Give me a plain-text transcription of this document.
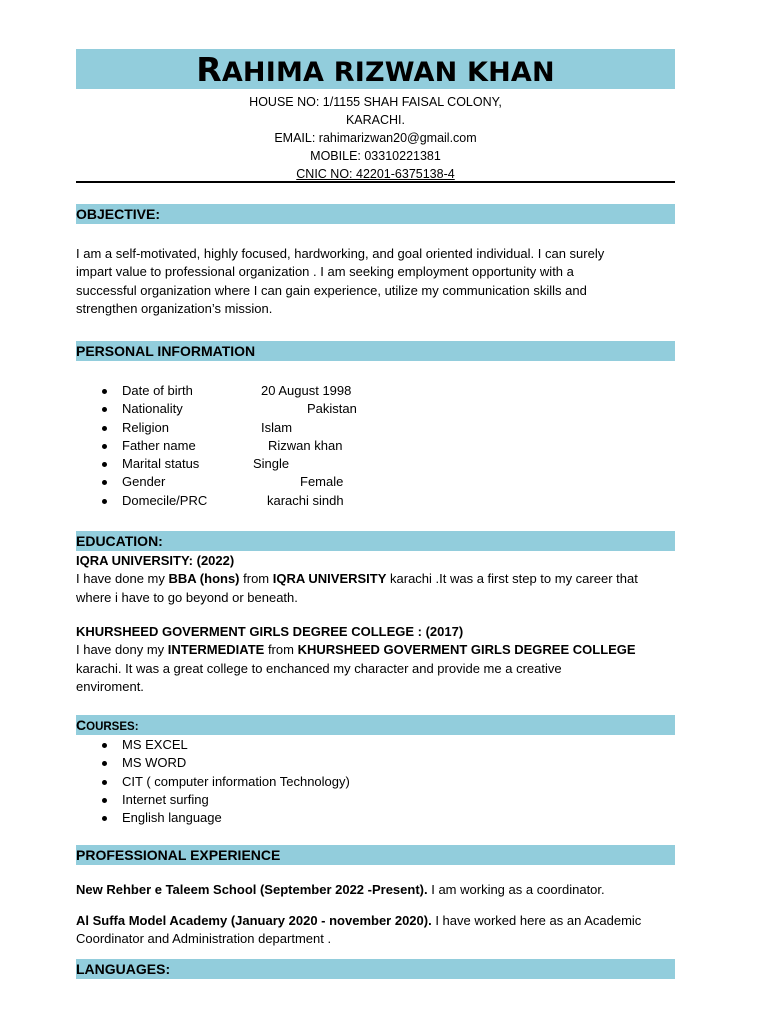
RAHIMA RIZWAN KHAN
HOUSE NO: 1/1155 SHAH FAISAL COLONY,
KARACHI.
EMAIL: rahimarizwan20@gmail.com
MOBILE: 03310221381
CNIC NO: 42201-6375138-4
OBJECTIVE:
I am a self-motivated, highly focused, hardworking, and goal oriented individual. I can surely
impart value to professional organization . I am seeking employment opportunity with a
successful organization where I can gain experience, utilize my communication skills and
strengthen organization’s mission.
PERSONAL INFORMATION
Date of birth	20 August 1998
Nationality	Pakistan
Religion	Islam
Father name	Rizwan khan
Marital status	Single
Gender	Female
Domecile/PRC	karachi sindh
EDUCATION:
IQRA UNIVERSITY: (2022)
I have done my BBA (hons) from IQRA UNIVERSITY karachi .It was a first step to my career that
where i have to go beyond or beneath.
KHURSHEED GOVERMENT GIRLS DEGREE COLLEGE : (2017)
I have dony my INTERMEDIATE from KHURSHEED GOVERMENT GIRLS DEGREE COLLEGE
karachi. It was a great college to enchanced my character and provide me a creative
enviroment.
COURSES:
MS EXCEL
MS WORD
CIT ( computer information Technology)
Internet surfing
English language
PROFESSIONAL EXPERIENCE
New Rehber e Taleem School (September 2022 -Present). I am working as a coordinator.
Al Suffa Model Academy (January 2020 - november 2020). I have worked here as an Academic
Coordinator and Administration department .
LANGUAGES:
